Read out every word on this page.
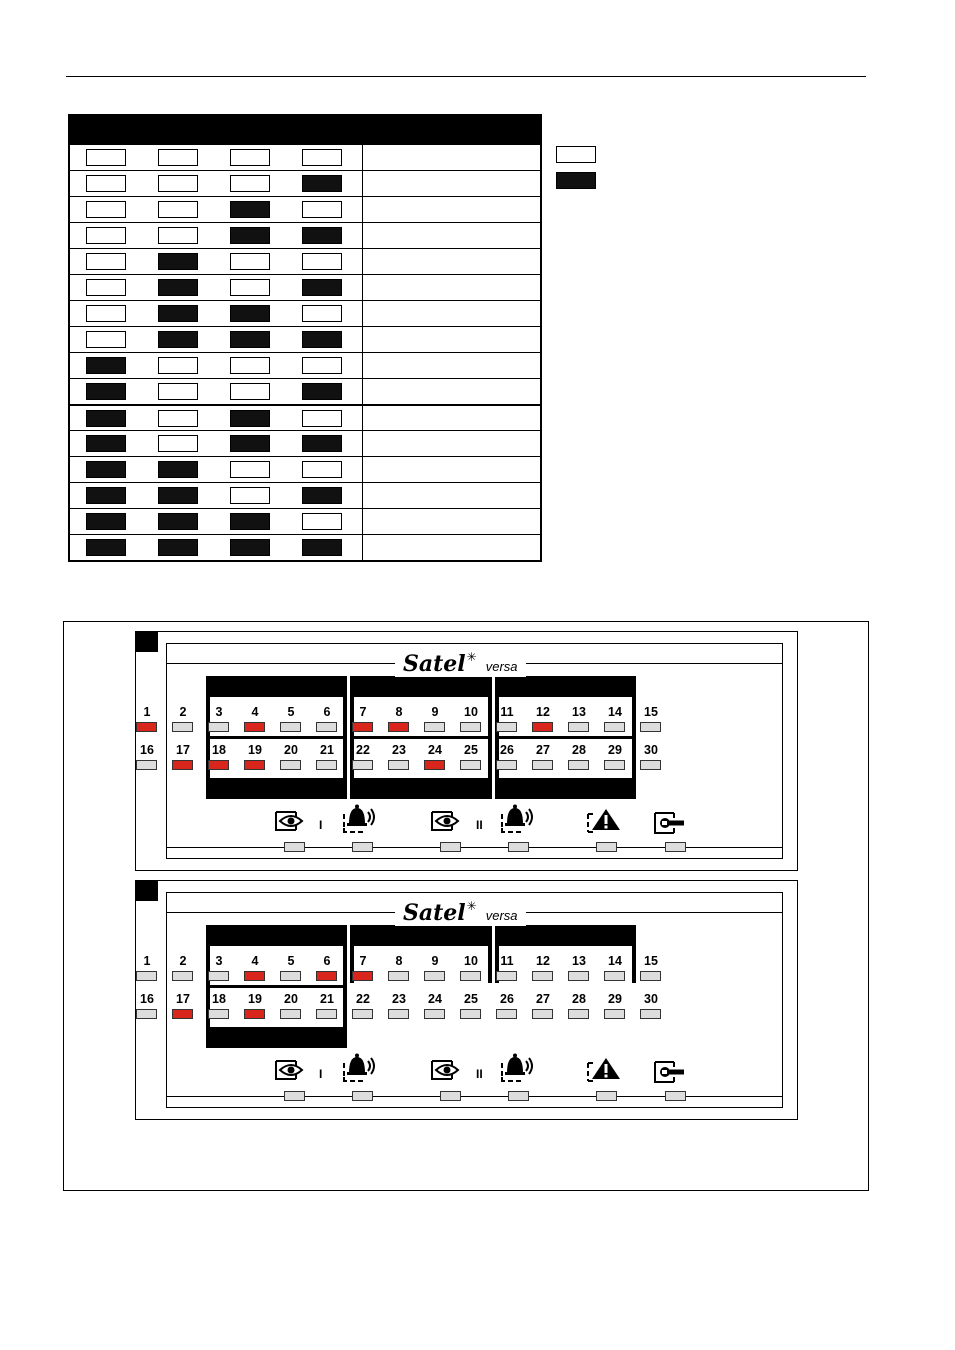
Satel ✳
versa
1	2	3	4	5	6	7	8	9	10	11	12	13	14	15
16	17	18	19	20	21	22	23	24	25	26	27	28	29	30
I	II
Satel ✳
versa
1	2	3	4	5	6	7	8	9	10	11	12	13	14	15
16	17	18	19	20	21	22	23	24	25	26	27	28	29	30
I	II
